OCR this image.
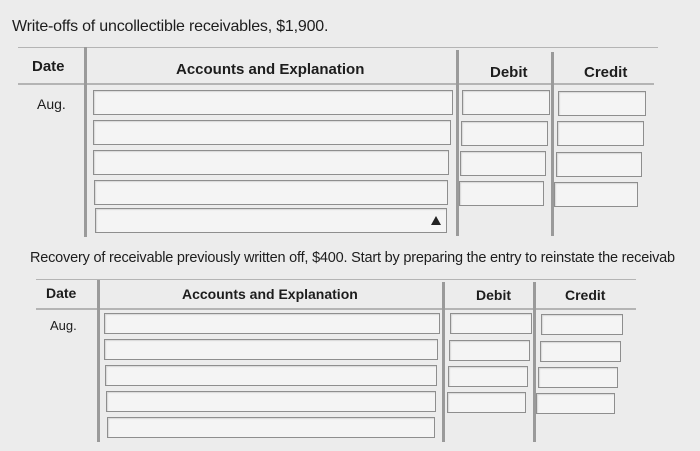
Write-offs of uncollectible receivables, $1,900.
Date	Accounts and Explanation	Debit	Credit
Aug.
Recovery of receivable previously written off, $400. Start by preparing the entry to reinstate the receivab
Date	Accounts and Explanation	Debit	Credit
Aug.
